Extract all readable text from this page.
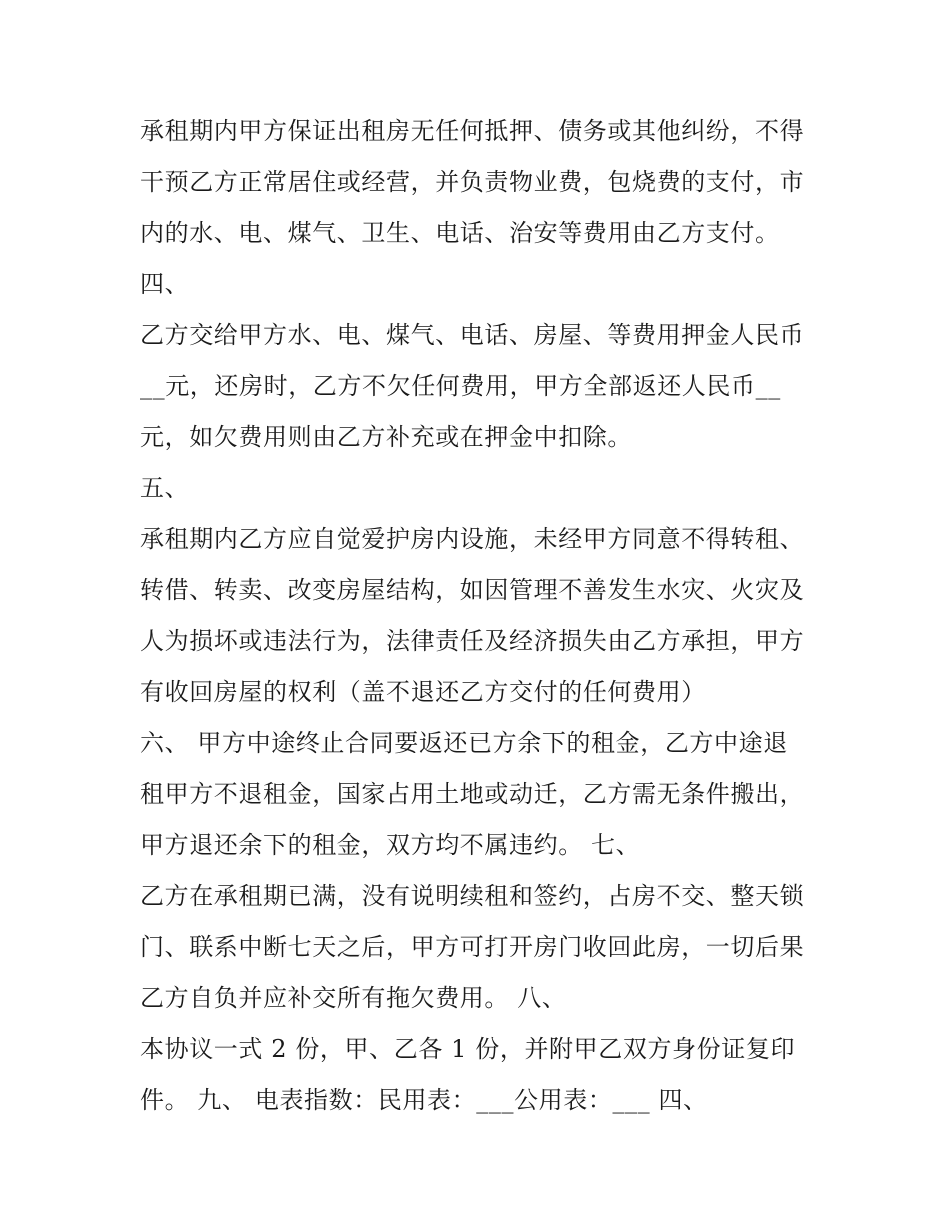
承租期内甲方保证出租房无任何抵押、债务或其他纠纷，不得
干预乙方正常居住或经营，并负责物业费，包烧费的支付，市
内的水、电、煤气、卫生、电话、治安等费用由乙方支付。
四、
乙方交给甲方水、电、煤气、电话、房屋、等费用押金人民币
__元，还房时，乙方不欠任何费用，甲方全部返还人民币__
元，如欠费用则由乙方补充或在押金中扣除。
五、
承租期内乙方应自觉爱护房内设施，未经甲方同意不得转租、
转借、转卖、改变房屋结构，如因管理不善发生水灾、火灾及
人为损坏或违法行为，法律责任及经济损失由乙方承担，甲方
有收回房屋的权利（盖不退还乙方交付的任何费用）
六、 甲方中途终止合同要返还已方余下的租金，乙方中途退
租甲方不退租金，国家占用土地或动迁，乙方需无条件搬出，
甲方退还余下的租金，双方均不属违约。 七、
乙方在承租期已满，没有说明续租和签约，占房不交、整天锁
门、联系中断七天之后，甲方可打开房门收回此房，一切后果
乙方自负并应补交所有拖欠费用。 八、
本协议一式 2 份，甲、乙各 1 份，并附甲乙双方身份证复印
件。 九、 电表指数：民用表：___公用表：___ 四、
